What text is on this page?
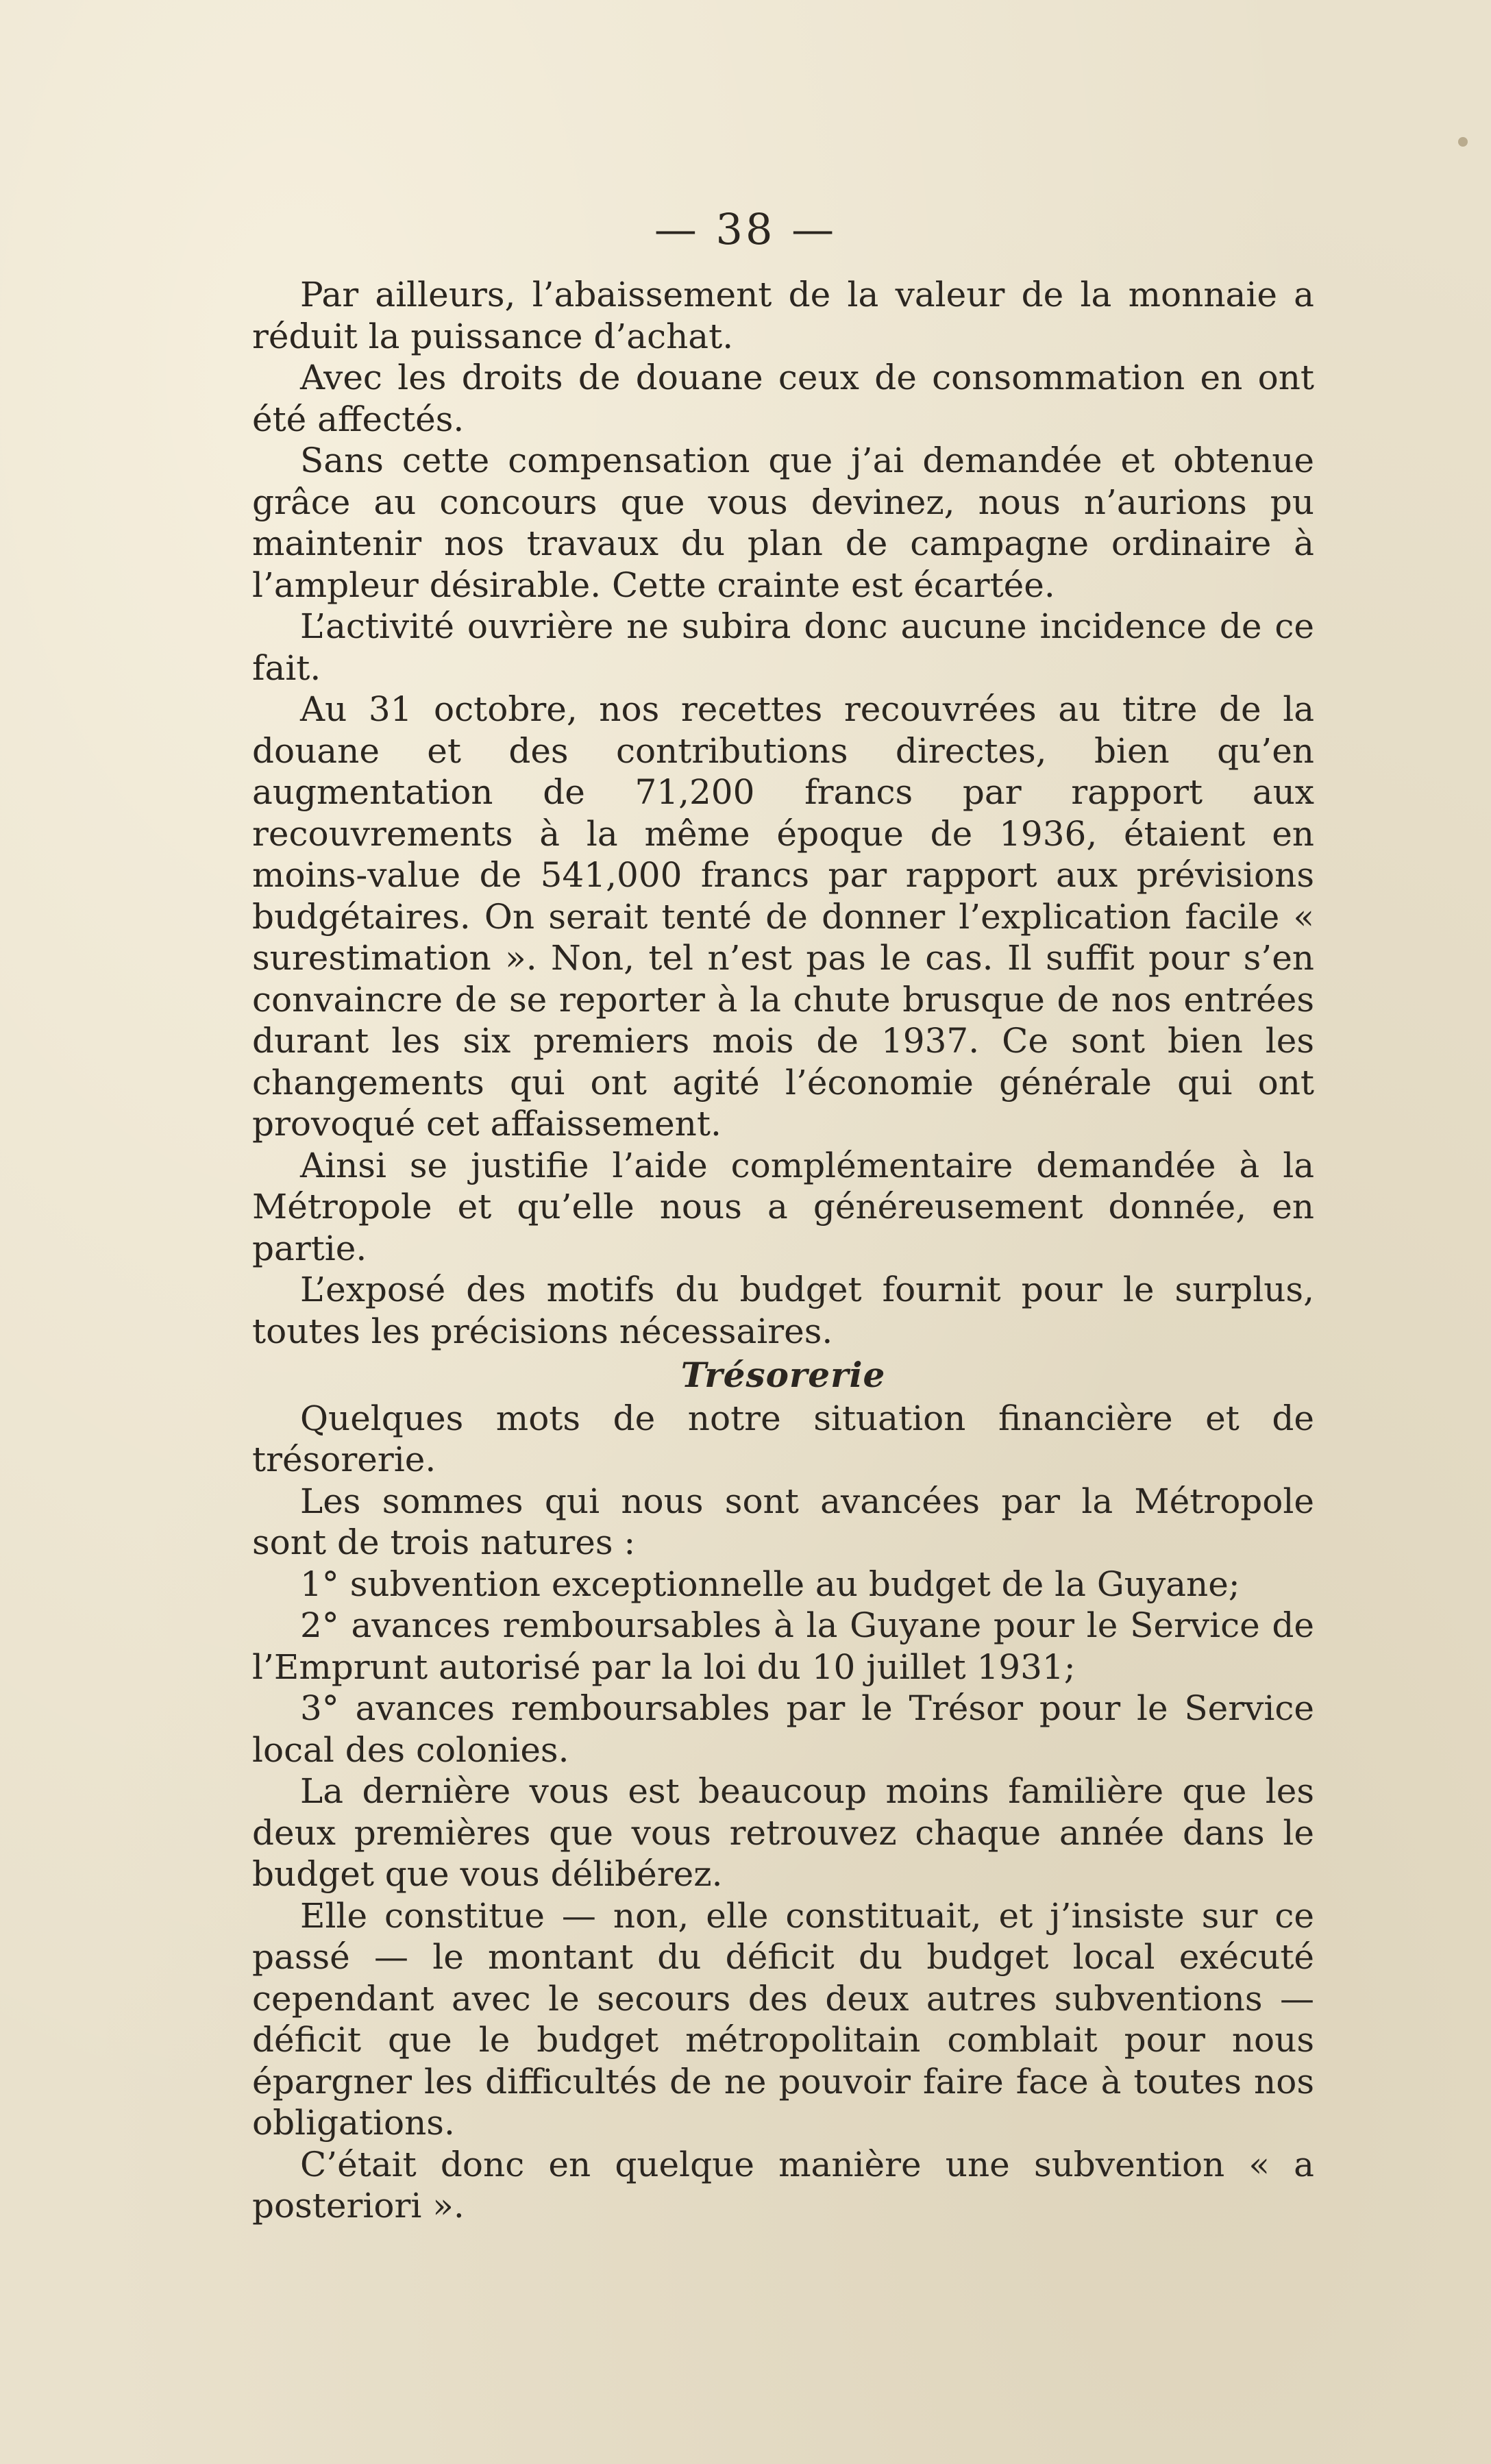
— 38 —

Par ailleurs, l’abaissement de la valeur de la monnaie a réduit la puissance d’achat.

Avec les droits de douane ceux de consommation en ont été affectés.

Sans cette compensation que j’ai demandée et obtenue grâce au concours que vous devinez, nous n’aurions pu maintenir nos travaux du plan de campagne ordinaire à l’ampleur désirable. Cette crainte est écartée.

L’activité ouvrière ne subira donc aucune incidence de ce fait.

Au 31 octobre, nos recettes recouvrées au titre de la douane et des contributions directes, bien qu’en augmentation de 71,200 francs par rapport aux recouvrements à la même époque de 1936, étaient en moins-value de 541,000 francs par rapport aux prévisions budgétaires. On serait tenté de donner l’explication facile « surestimation ». Non, tel n’est pas le cas. Il suffit pour s’en convaincre de se reporter à la chute brusque de nos entrées durant les six premiers mois de 1937. Ce sont bien les changements qui ont agité l’économie générale qui ont provoqué cet affaissement.

Ainsi se justifie l’aide complémentaire demandée à la Métropole et qu’elle nous a généreusement donnée, en partie.

L’exposé des motifs du budget fournit pour le surplus, toutes les précisions nécessaires.

Trésorerie

Quelques mots de notre situation financière et de trésorerie.

Les sommes qui nous sont avancées par la Métropole sont de trois natures :

1° subvention exceptionnelle au budget de la Guyane;

2° avances remboursables à la Guyane pour le Service de l’Emprunt autorisé par la loi du 10 juillet 1931;

3° avances remboursables par le Trésor pour le Service local des colonies.

La dernière vous est beaucoup moins familière que les deux premières que vous retrouvez chaque année dans le budget que vous délibérez.

Elle constitue — non, elle constituait, et j’insiste sur ce passé — le montant du déficit du budget local exécuté cependant avec le secours des deux autres subventions — déficit que le budget métropolitain comblait pour nous épargner les difficultés de ne pouvoir faire face à toutes nos obligations.

C’était donc en quelque manière une subvention « a posteriori ».
